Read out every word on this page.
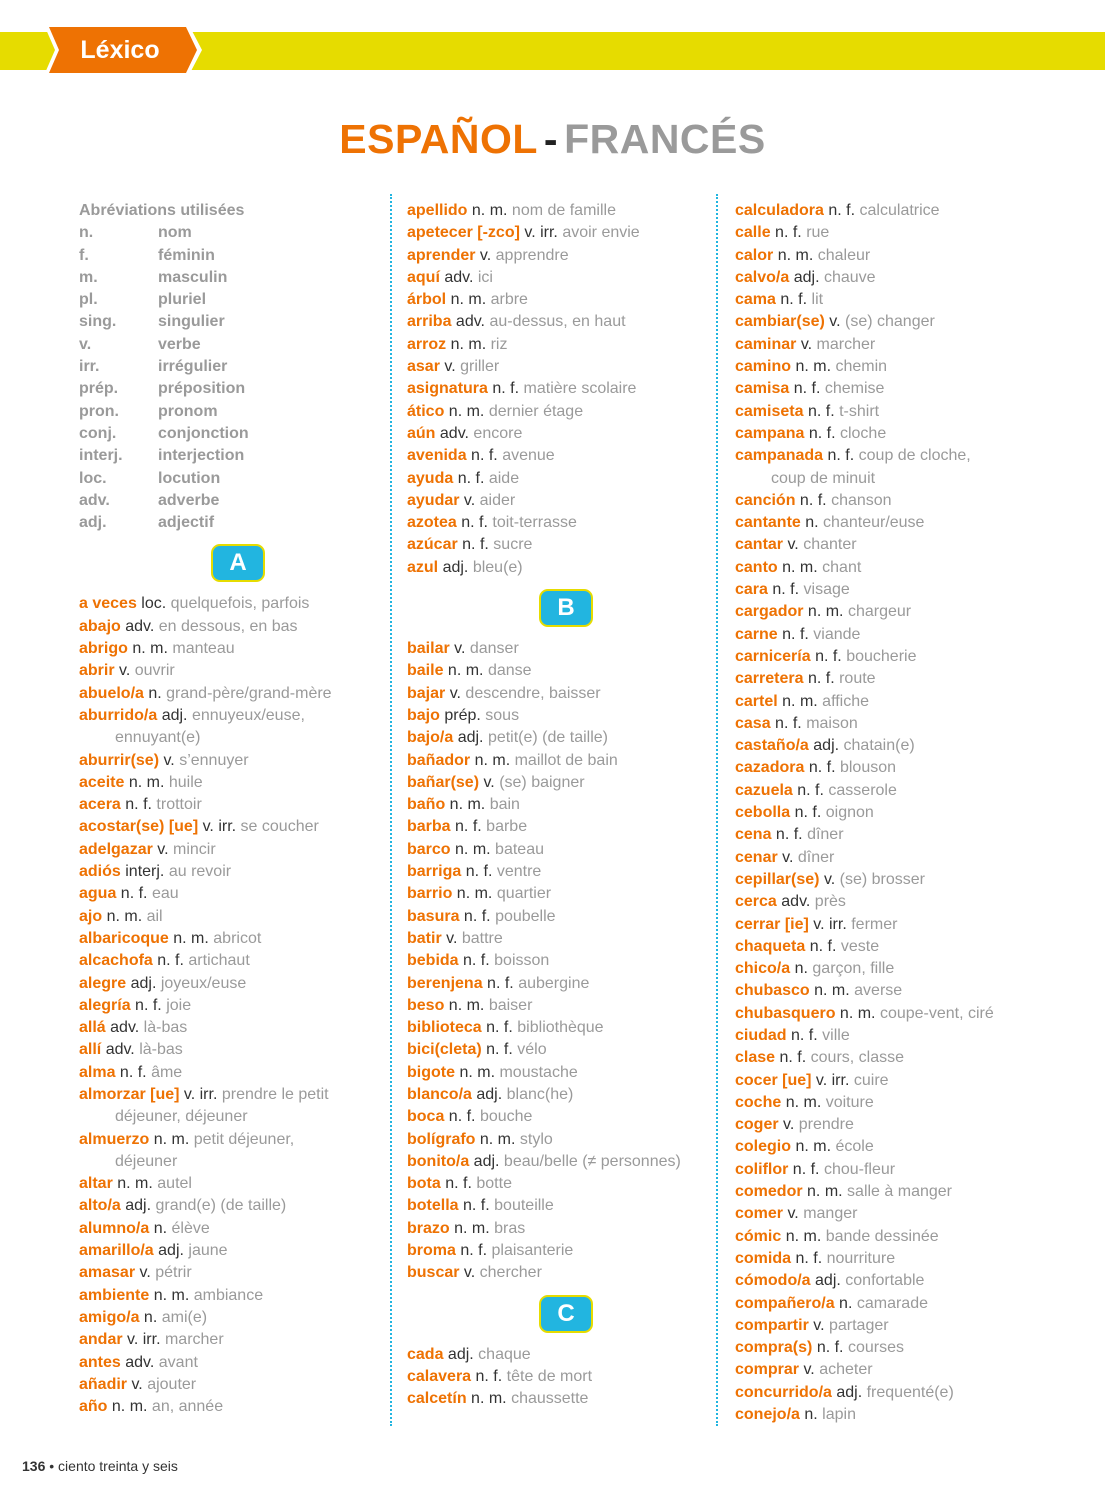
Léxico
ESPAÑOL - FRANCÉS
Abréviations utilisées
n.	nom
f.	féminin
m.	masculin
pl.	pluriel
sing.	singulier
v.	verbe
irr.	irrégulier
prép. préposition
pron. pronom
conj.	conjonction
interj. interjection
loc.	locution
adv.	adverbe
adj.	adjectif
A
a veces loc. quelquefois, parfois
abajo adv. en dessous, en bas
abrigo n. m. manteau
abrir v. ouvrir
abuelo/a n. grand-père/grand-mère
aburrido/a adj. ennuyeux/euse,
ennuyant(e)
aburrir(se) v. s’ennuyer
aceite n. m. huile
acera n. f. trottoir
acostar(se) [ue] v. irr. se coucher
adelgazar v. mincir
adiós interj. au revoir
agua n. f. eau
ajo n. m. ail
albaricoque n. m. abricot
alcachofa n. f. artichaut
alegre adj. joyeux/euse
alegría n. f. joie
allá adv. là-bas
allí adv. là-bas
alma n. f. âme
almorzar [ue] v. irr. prendre le petit
déjeuner, déjeuner
almuerzo n. m. petit déjeuner,
déjeuner
altar n. m. autel
alto/a adj. grand(e) (de taille)
alumno/a n. élève
amarillo/a adj. jaune
amasar v. pétrir
ambiente n. m. ambiance
amigo/a n. ami(e)
andar v. irr. marcher
antes adv. avant
añadir v. ajouter
año n. m. an, année
apellido n. m. nom de famille
apetecer [-zco] v. irr. avoir envie
aprender v. apprendre
aquí adv. ici
árbol n. m. arbre
arriba adv. au-dessus, en haut
arroz n. m. riz
asar v. griller
asignatura n. f. matière scolaire
ático n. m. dernier étage
aún adv. encore
avenida n. f. avenue
ayuda n. f. aide
ayudar v. aider
azotea n. f. toit-terrasse
azúcar n. f. sucre
azul adj. bleu(e)
B
bailar v. danser
baile n. m. danse
bajar v. descendre, baisser
bajo prép. sous
bajo/a adj. petit(e) (de taille)
bañador n. m. maillot de bain
bañar(se) v. (se) baigner
baño n. m. bain
barba n. f. barbe
barco n. m. bateau
barriga n. f. ventre
barrio n. m. quartier
basura n. f. poubelle
batir v. battre
bebida n. f. boisson
berenjena n. f. aubergine
beso n. m. baiser
biblioteca n. f. bibliothèque
bici(cleta) n. f. vélo
bigote n. m. moustache
blanco/a adj. blanc(he)
boca n. f. bouche
bolígrafo n. m. stylo
bonito/a adj. beau/belle (≠ personnes)
bota n. f. botte
botella n. f. bouteille
brazo n. m. bras
broma n. f. plaisanterie
buscar v. chercher
C
cada adj. chaque
calavera n. f. tête de mort
calcetín n. m. chaussette
calculadora n. f. calculatrice
calle n. f. rue
calor n. m. chaleur
calvo/a adj. chauve
cama n. f. lit
cambiar(se) v. (se) changer
caminar v. marcher
camino n. m. chemin
camisa n. f. chemise
camiseta n. f. t-shirt
campana n. f. cloche
campanada n. f. coup de cloche,
coup de minuit
canción n. f. chanson
cantante n. chanteur/euse
cantar v. chanter
canto n. m. chant
cara n. f. visage
cargador n. m. chargeur
carne n. f. viande
carnicería n. f. boucherie
carretera n. f. route
cartel n. m. affiche
casa n. f. maison
castaño/a adj. chatain(e)
cazadora n. f. blouson
cazuela n. f. casserole
cebolla n. f. oignon
cena n. f. dîner
cenar v. dîner
cepillar(se) v. (se) brosser
cerca adv. près
cerrar [ie] v. irr. fermer
chaqueta n. f. veste
chico/a n. garçon, fille
chubasco n. m. averse
chubasquero n. m. coupe-vent, ciré
ciudad n. f. ville
clase n. f. cours, classe
cocer [ue] v. irr. cuire
coche n. m. voiture
coger v. prendre
colegio n. m. école
coliflor n. f. chou-fleur
comedor n. m. salle à manger
comer v. manger
cómic n. m. bande dessinée
comida n. f. nourriture
cómodo/a adj. confortable
compañero/a n. camarade
compartir v. partager
compra(s) n. f. courses
comprar v. acheter
concurrido/a adj. frequenté(e)
conejo/a n. lapin
136 • ciento treinta y seis
